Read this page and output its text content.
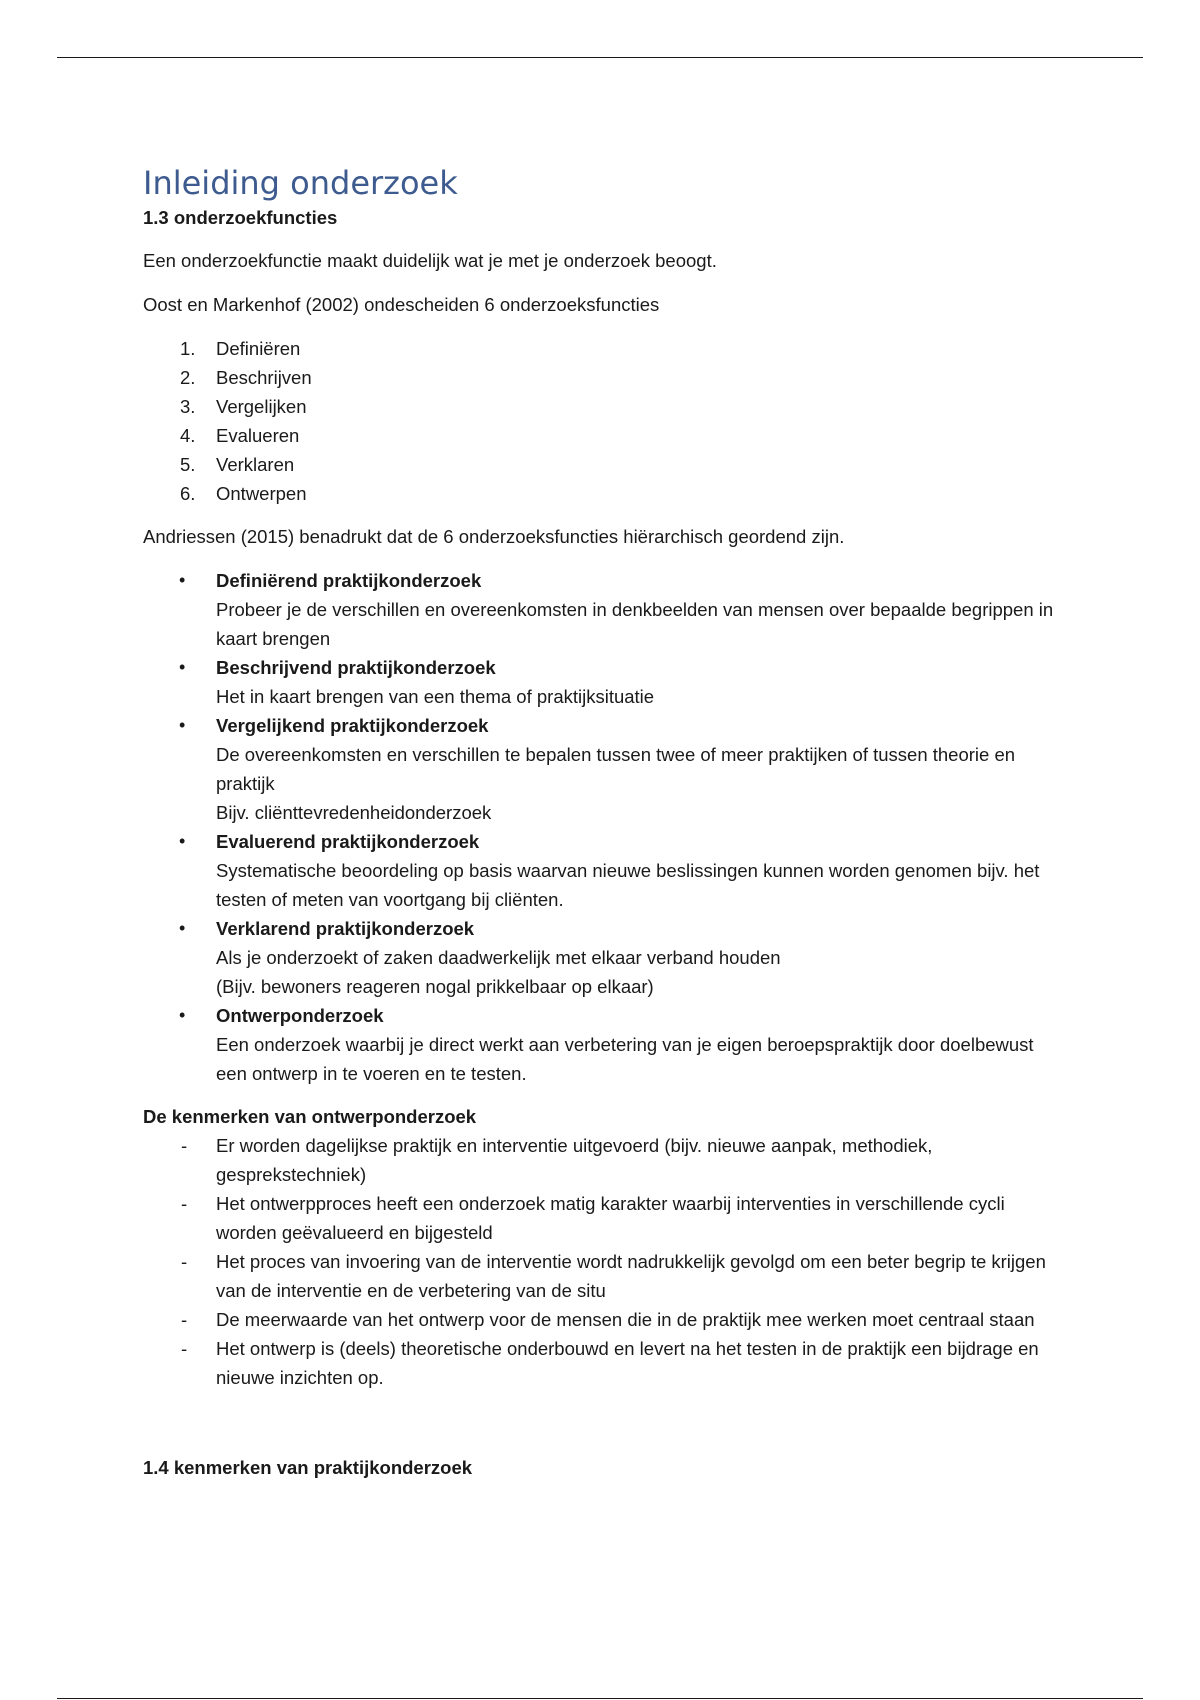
Inleiding onderzoek
1.3 onderzoekfuncties

Een onderzoekfunctie maakt duidelijk wat je met je onderzoek beoogt.

Oost en Markenhof (2002) ondescheiden 6 onderzoeksfuncties

1. Definiëren
2. Beschrijven
3. Vergelijken
4. Evalueren
5. Verklaren
6. Ontwerpen

Andriessen (2015) benadrukt dat de 6 onderzoeksfuncties hiërarchisch geordend zijn.

• Definiërend praktijkonderzoek
Probeer je de verschillen en overeenkomsten in denkbeelden van mensen over bepaalde begrippen in kaart brengen
• Beschrijvend praktijkonderzoek
Het in kaart brengen van een thema of praktijksituatie
• Vergelijkend praktijkonderzoek
De overeenkomsten en verschillen te bepalen tussen twee of meer praktijken of tussen theorie en praktijk
Bijv. cliënttevredenheidonderzoek
• Evaluerend praktijkonderzoek
Systematische beoordeling op basis waarvan nieuwe beslissingen kunnen worden genomen bijv. het testen of meten van voortgang bij cliënten.
• Verklarend praktijkonderzoek
Als je onderzoekt of zaken daadwerkelijk met elkaar verband houden
(Bijv. bewoners reageren nogal prikkelbaar op elkaar)
• Ontwerponderzoek
Een onderzoek waarbij je direct werkt aan verbetering van je eigen beroepspraktijk door doelbewust een ontwerp in te voeren en te testen.

De kenmerken van ontwerponderzoek

- Er worden dagelijkse praktijk en interventie uitgevoerd (bijv. nieuwe aanpak, methodiek, gesprekstechniek)
- Het ontwerpproces heeft een onderzoek matig karakter waarbij interventies in verschillende cycli worden geëvalueerd en bijgesteld
- Het proces van invoering van de interventie wordt nadrukkelijk gevolgd om een beter begrip te krijgen van de interventie en de verbetering van de situ
- De meerwaarde van het ontwerp voor de mensen die in de praktijk mee werken moet centraal staan
- Het ontwerp is (deels) theoretische onderbouwd en levert na het testen in de praktijk een bijdrage en nieuwe inzichten op.
1.4 kenmerken van praktijkonderzoek
